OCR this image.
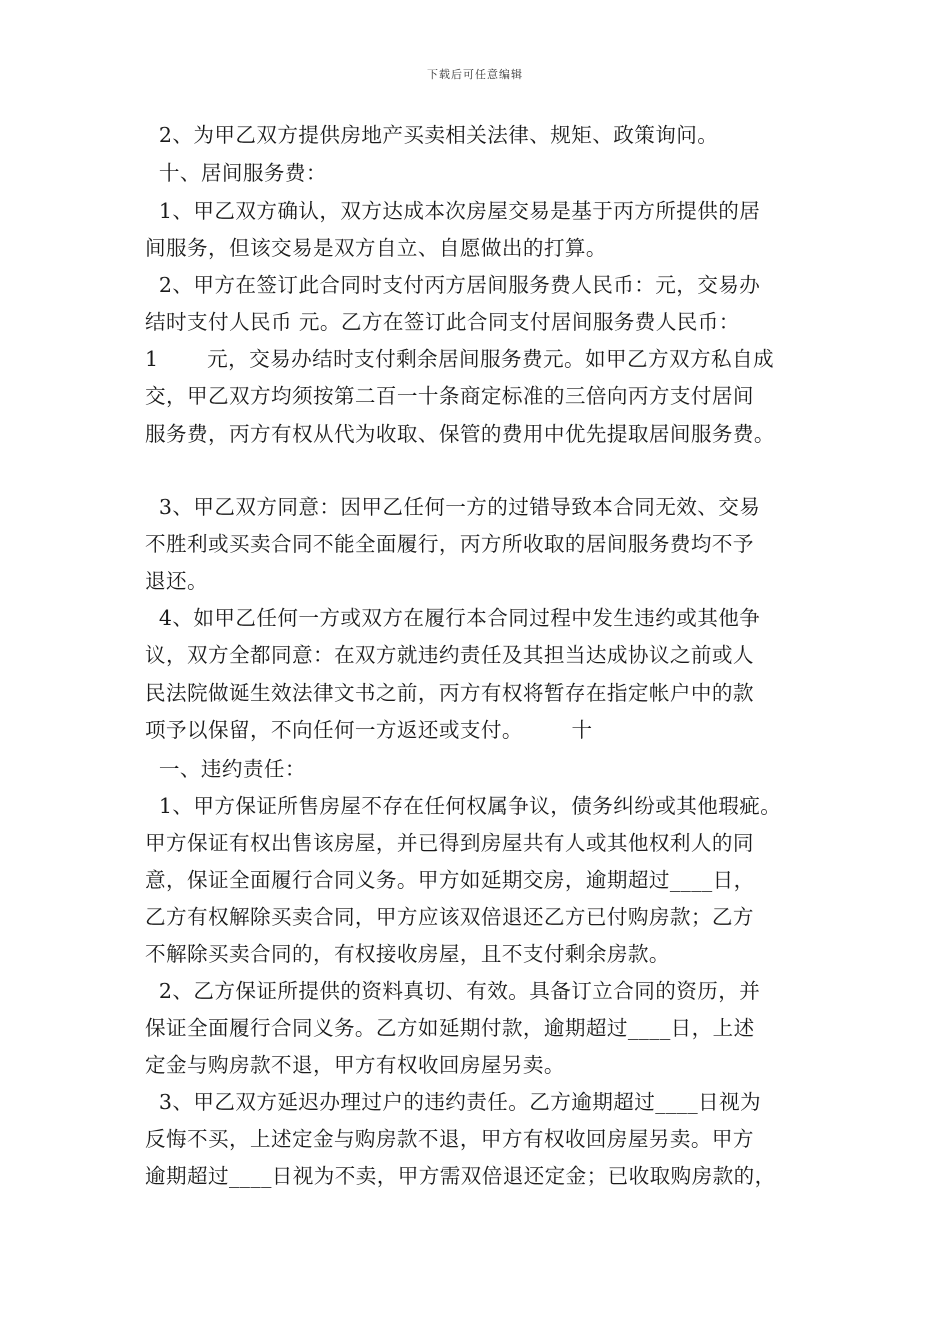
下载后可任意编辑
2、为甲乙双方提供房地产买卖相关法律、规矩、政策询问。
十、居间服务费：
1、甲乙双方确认，双方达成本次房屋交易是基于丙方所提供的居
间服务，但该交易是双方自立、自愿做出的打算。
2、甲方在签订此合同时支付丙方居间服务费人民币：元，交易办
结时支付人民币 元。乙方在签订此合同支付居间服务费人民币：
1       元，交易办结时支付剩余居间服务费元。如甲乙方双方私自成
交，甲乙双方均须按第二百一十条商定标准的三倍向丙方支付居间
服务费，丙方有权从代为收取、保管的费用中优先提取居间服务费。
3、甲乙双方同意：因甲乙任何一方的过错导致本合同无效、交易
不胜利或买卖合同不能全面履行，丙方所收取的居间服务费均不予
退还。
4、如甲乙任何一方或双方在履行本合同过程中发生违约或其他争
议，双方全都同意：在双方就违约责任及其担当达成协议之前或人
民法院做诞生效法律文书之前，丙方有权将暂存在指定帐户中的款
项予以保留，不向任何一方返还或支付。       十
一、违约责任：
1、甲方保证所售房屋不存在任何权属争议，债务纠纷或其他瑕疵。
甲方保证有权出售该房屋，并已得到房屋共有人或其他权利人的同
意，保证全面履行合同义务。甲方如延期交房，逾期超过____日，
乙方有权解除买卖合同，甲方应该双倍退还乙方已付购房款；乙方
不解除买卖合同的，有权接收房屋，且不支付剩余房款。
2、乙方保证所提供的资料真切、有效。具备订立合同的资历，并
保证全面履行合同义务。乙方如延期付款，逾期超过____日，上述
定金与购房款不退，甲方有权收回房屋另卖。
3、甲乙双方延迟办理过户的违约责任。乙方逾期超过____日视为
反悔不买，上述定金与购房款不退，甲方有权收回房屋另卖。甲方
逾期超过____日视为不卖，甲方需双倍退还定金；已收取购房款的，
